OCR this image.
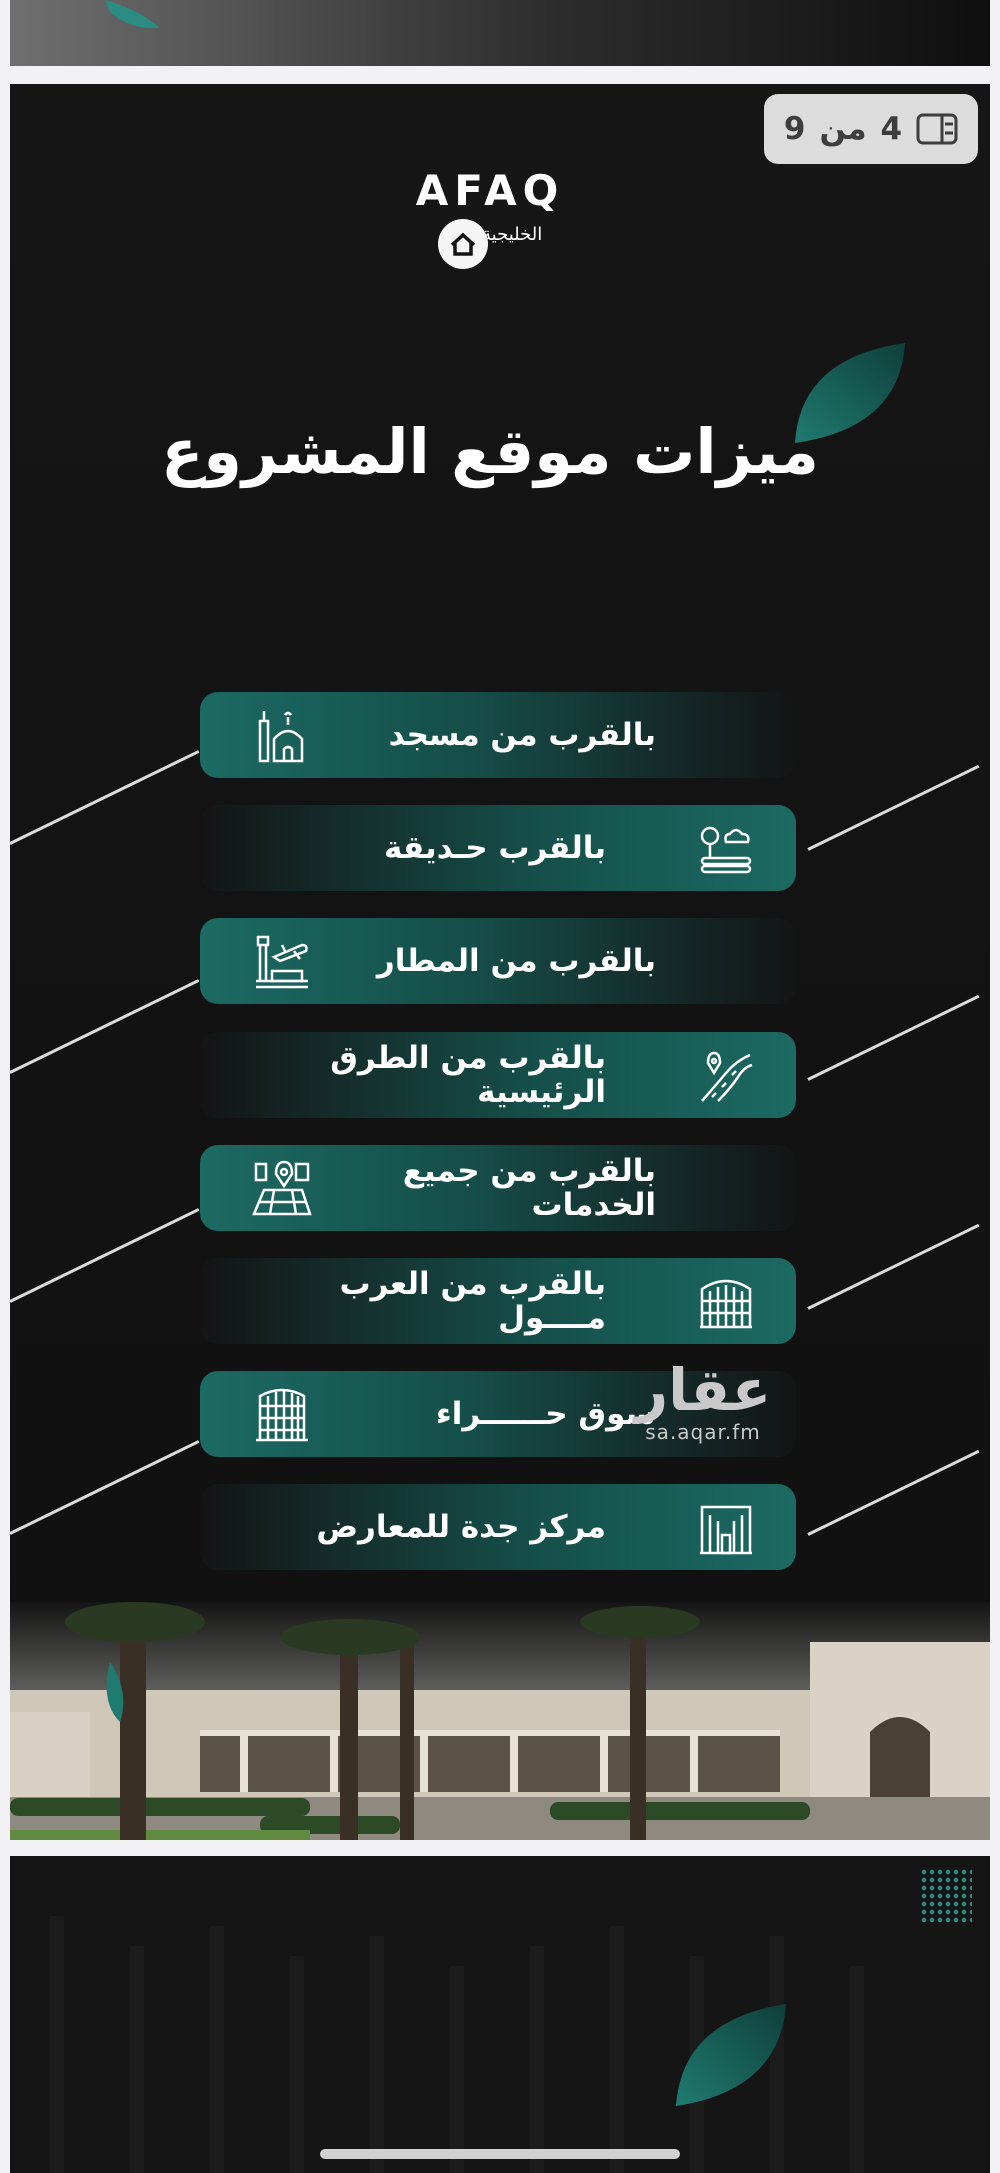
4
من
9
AFAQ
الخليجية
ميزات موقع المشروع
بالقرب من مسجد
بالقرب حـديقة
بالقرب من المطار
بالقرب من الطرق
الرئيسية
بالقرب من جميع
الخدمات
بالقرب من العرب
مــــول
سوق حــــــراء
مركز جدة للمعارض
عقار
sa.aqar.fm
